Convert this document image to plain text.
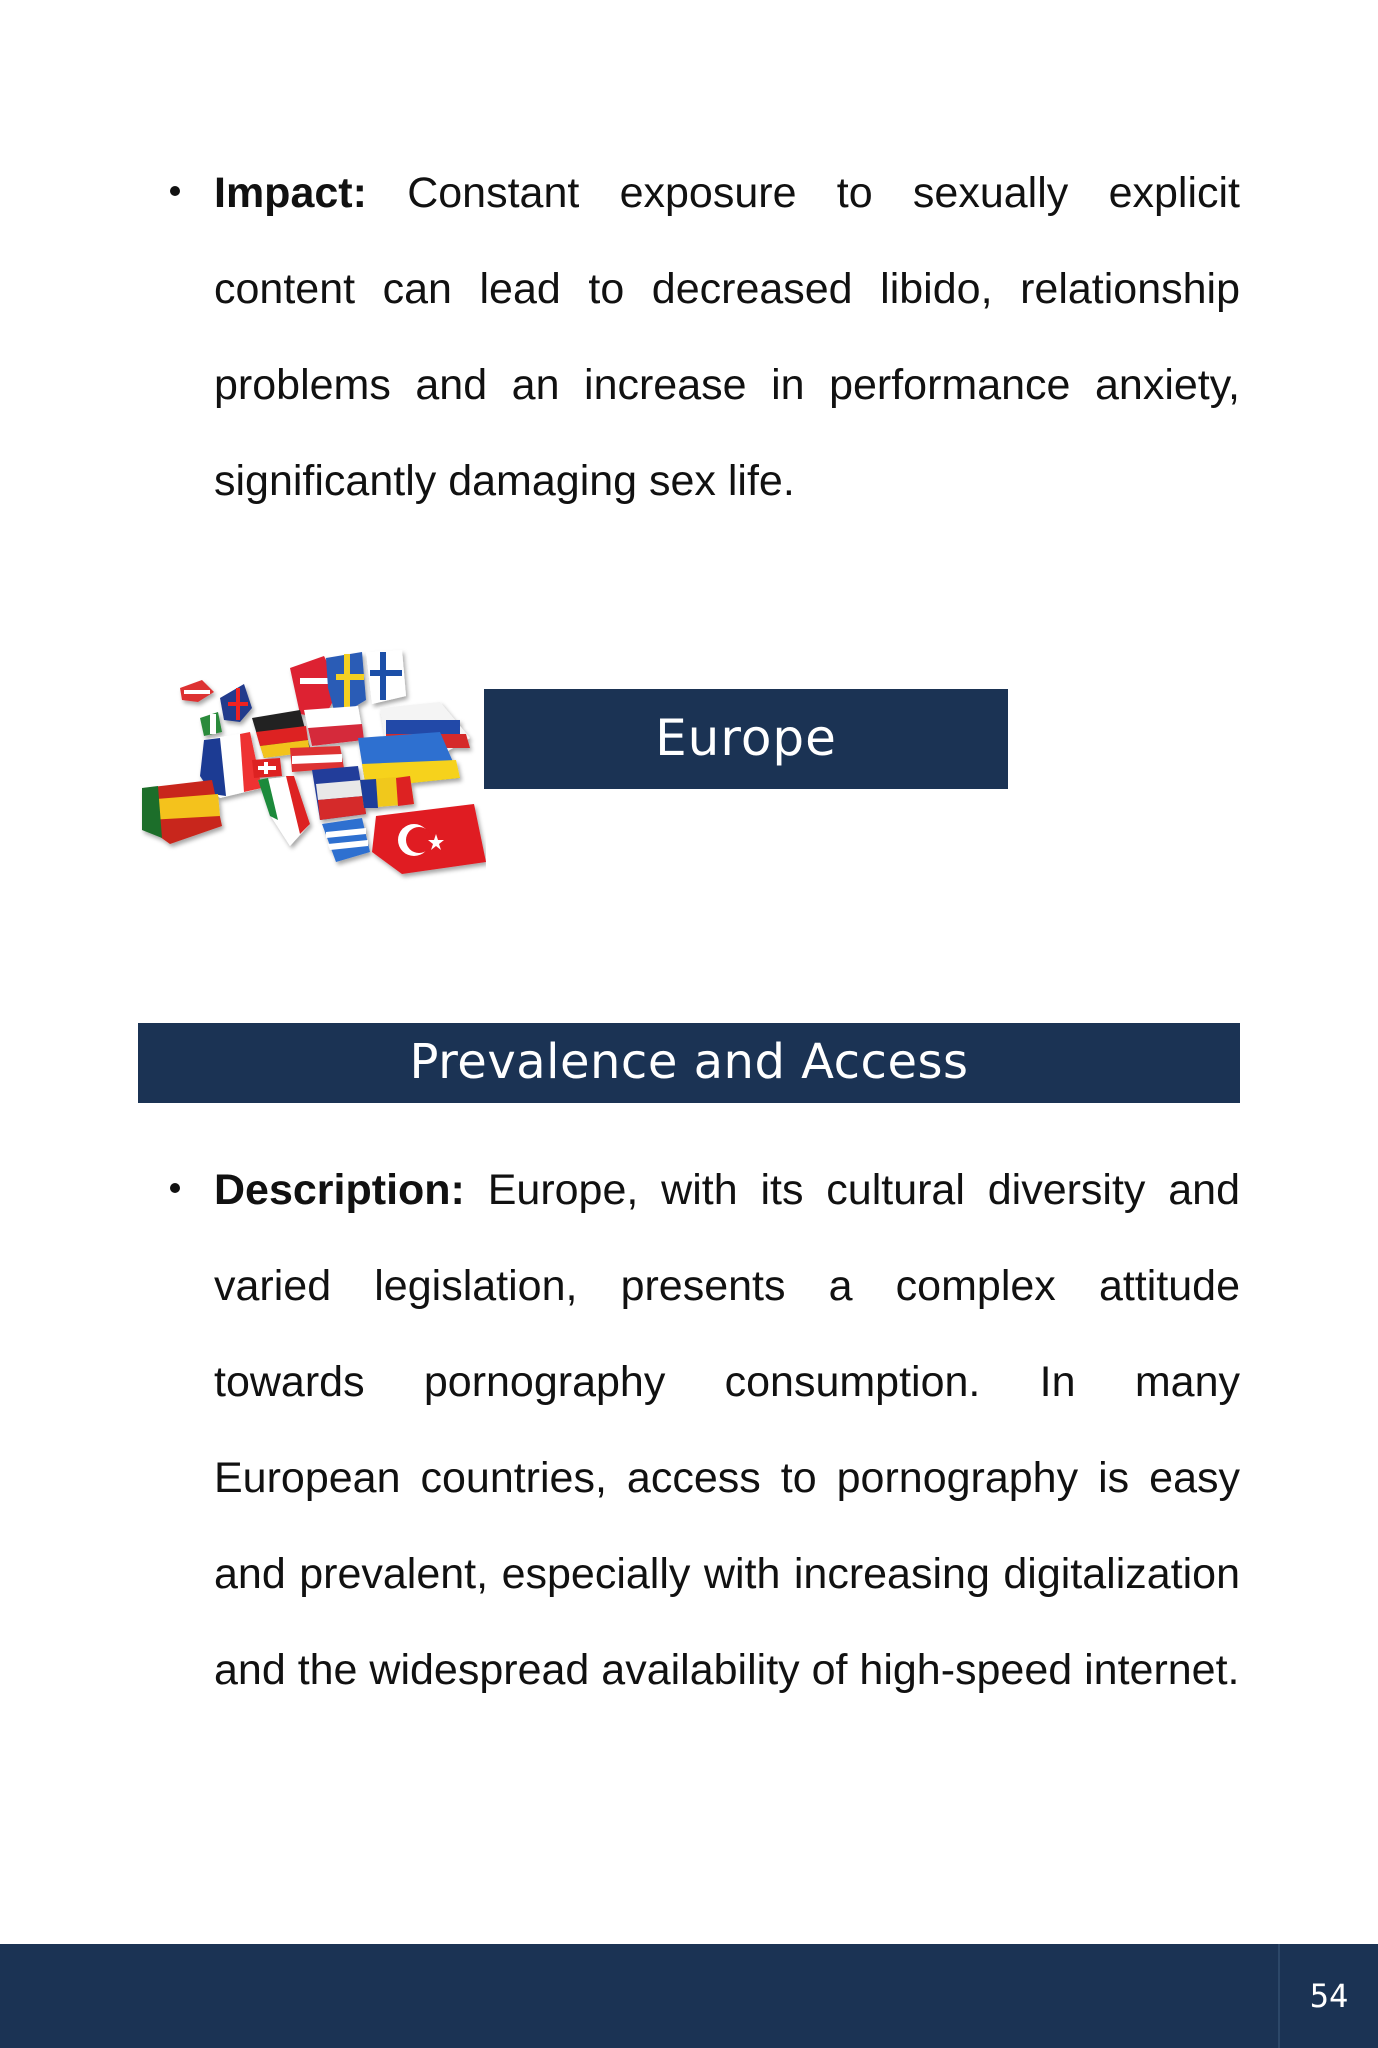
Impact: Constant exposure to sexually explicit content can lead to decreased libido, relationship problems and an increase in performance anxiety, significantly damaging sex life.
Europe
Prevalence and Access
Description: Europe, with its cultural diversity and varied legislation, presents a complex attitude towards pornography consumption. In many European countries, access to pornography is easy and prevalent, especially with increasing digitalization and the widespread availability of high-speed internet.
54
